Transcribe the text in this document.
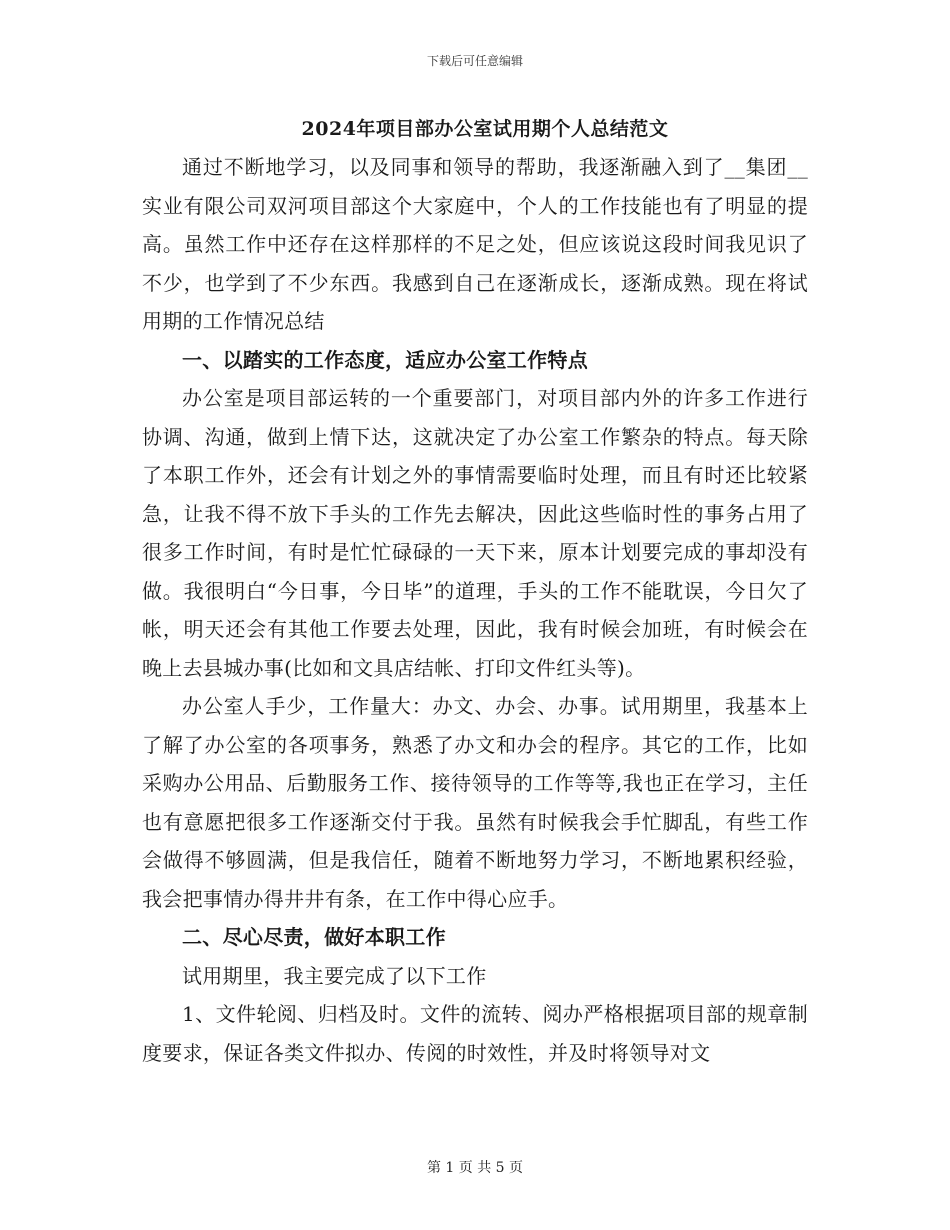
下载后可任意编辑
2024年项目部办公室试用期个人总结范文

通过不断地学习，以及同事和领导的帮助，我逐渐融入到了__集团__实业有限公司双河项目部这个大家庭中，个人的工作技能也有了明显的提高。虽然工作中还存在这样那样的不足之处，但应该说这段时间我见识了不少，也学到了不少东西。我感到自己在逐渐成长，逐渐成熟。现在将试用期的工作情况总结

一、以踏实的工作态度，适应办公室工作特点

办公室是项目部运转的一个重要部门，对项目部内外的许多工作进行协调、沟通，做到上情下达，这就决定了办公室工作繁杂的特点。每天除了本职工作外，还会有计划之外的事情需要临时处理，而且有时还比较紧急，让我不得不放下手头的工作先去解决，因此这些临时性的事务占用了很多工作时间，有时是忙忙碌碌的一天下来，原本计划要完成的事却没有做。我很明白“今日事，今日毕”的道理，手头的工作不能耽误，今日欠了帐，明天还会有其他工作要去处理，因此，我有时候会加班，有时候会在晚上去县城办事(比如和文具店结帐、打印文件红头等)。

办公室人手少，工作量大：办文、办会、办事。试用期里，我基本上了解了办公室的各项事务，熟悉了办文和办会的程序。其它的工作，比如采购办公用品、后勤服务工作、接待领导的工作等等,我也正在学习，主任也有意愿把很多工作逐渐交付于我。虽然有时候我会手忙脚乱，有些工作会做得不够圆满，但是我信任，随着不断地努力学习，不断地累积经验，我会把事情办得井井有条，在工作中得心应手。

二、尽心尽责，做好本职工作

试用期里，我主要完成了以下工作

1、文件轮阅、归档及时。文件的流转、阅办严格根据项目部的规章制度要求，保证各类文件拟办、传阅的时效性，并及时将领导对文

第 1 页 共 5 页
